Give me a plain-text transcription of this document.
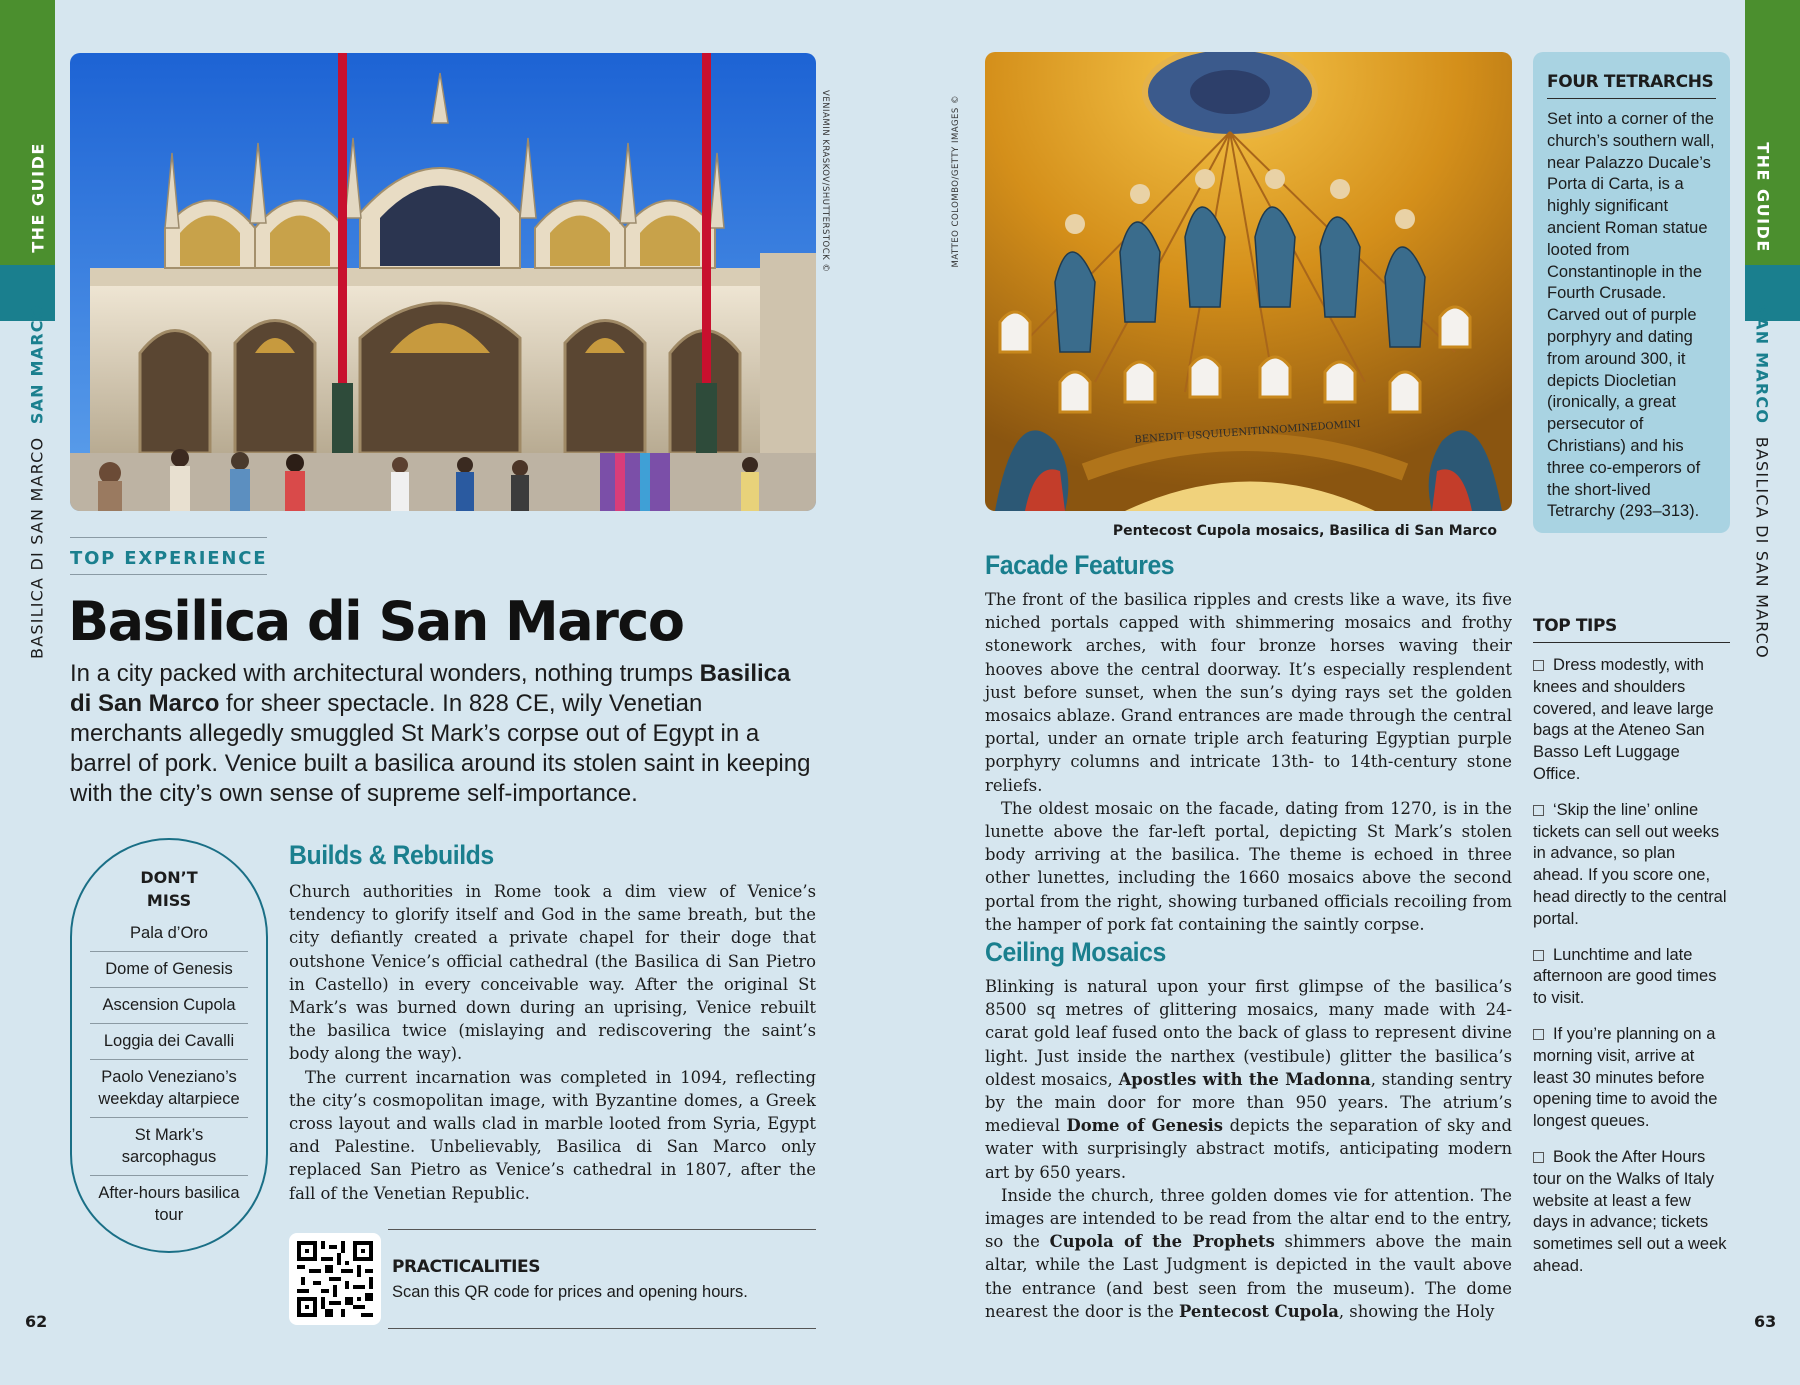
THE GUIDE
BASILICA DI SAN MARCO  SAN MARCO
THE GUIDE
SAN MARCO  BASILICA DI SAN MARCO
VENIAMIN KRASKOV/SHUTTERSTOCK ©
BENEDIT USQUIUENITINNOMINEDOMINI
MATTEO COLOMBO/GETTY IMAGES ©
Pentecost Cupola mosaics, Basilica di San Marco
FOUR TETRARCHS
Set into a corner of the church’s southern wall, near Palazzo Ducale’s Porta di Carta, is a highly significant ancient Roman statue looted from Constantinople in the Fourth Crusade. Carved out of purple porphyry and dating from around 300, it depicts Diocletian (ironically, a great persecutor of Christians) and his three co-emperors of the short-lived Tetrarchy (293–313).
TOP EXPERIENCE
Basilica di San Marco
In a city packed with architectural wonders, nothing trumps Basilica di San Marco for sheer spectacle. In 828 CE, wily Venetian merchants allegedly smuggled St Mark’s corpse out of Egypt in a barrel of pork. Venice built a basilica around its stolen saint in keeping with the city’s own sense of supreme self-importance.
DON’T
MISS
Pala d’Oro
Dome of Genesis
Ascension Cupola
Loggia dei Cavalli
Paolo Veneziano’s weekday altarpiece
St Mark’s sarcophagus
After-hours basilica tour
Builds & Rebuilds

Church authorities in Rome took a dim view of Venice’s tendency to glorify itself and God in the same breath, but the city defiantly created a private chapel for their doge that outshone Venice’s official cathedral (the Basilica di San Pietro in Castello) in every conceivable way. After the original St Mark’s was burned down during an uprising, Venice rebuilt the basilica twice (mislaying and rediscovering the saint’s body along the way).

The current incarnation was completed in 1094, reflecting the city’s cosmopolitan image, with Byzantine domes, a Greek cross layout and walls clad in marble looted from Syria, Egypt and Palestine. Unbelievably, Basilica di San Marco only replaced San Pietro as Venice’s cathedral in 1807, after the fall of the Venetian Republic.

PRACTICALITIES
Scan this QR code for prices and opening hours.
62
Facade Features

The front of the basilica ripples and crests like a wave, its five niched portals capped with shimmering mosaics and frothy stonework arches, with four bronze horses waving their hooves above the central doorway. It’s especially resplendent just before sunset, when the sun’s dying rays set the golden mosaics ablaze. Grand entrances are made through the central portal, under an ornate triple arch featuring Egyptian purple porphyry columns and intricate 13th- to 14th-century stone reliefs.

The oldest mosaic on the facade, dating from 1270, is in the lunette above the far-left portal, depicting St Mark’s stolen body arriving at the basilica. The theme is echoed in three other lunettes, including the 1660 mosaics above the second portal from the right, showing turbaned officials recoiling from the hamper of pork fat containing the saintly corpse.

Ceiling Mosaics

Blinking is natural upon your first glimpse of the basilica’s 8500 sq metres of glittering mosaics, many made with 24-carat gold leaf fused onto the back of glass to represent divine light. Just inside the narthex (vestibule) glitter the basilica’s oldest mosaics, Apostles with the Madonna, standing sentry by the main door for more than 950 years. The atrium’s medieval Dome of Genesis depicts the separation of sky and water with surprisingly abstract motifs, anticipating modern art by 650 years.

Inside the church, three golden domes vie for attention. The images are intended to be read from the altar end to the entry, so the Cupola of the Prophets shimmers above the main altar, while the Last Judgment is depicted in the vault above the entrance (and best seen from the museum). The dome nearest the door is the Pentecost Cupola, showing the Holy

TOP TIPS
Dress modestly, with knees and shoulders covered, and leave large bags at the Ateneo San Basso Left Luggage Office.
‘Skip the line’ online tickets can sell out weeks in advance, so plan ahead. If you score one, head directly to the central portal.
Lunchtime and late afternoon are good times to visit.
If you’re planning on a morning visit, arrive at least 30 minutes before opening time to avoid the longest queues.
Book the After Hours tour on the Walks of Italy website at least a few days in advance; tickets sometimes sell out a week ahead.
63
